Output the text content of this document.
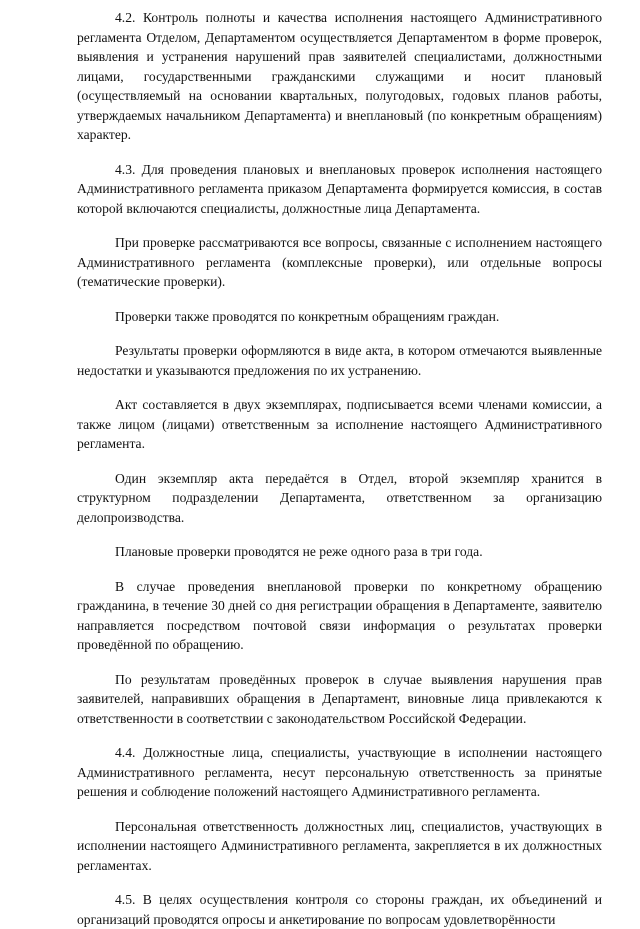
4.2. Контроль полноты и качества исполнения настоящего Административного регламента Отделом, Департаментом осуществляется Департаментом в форме проверок, выявления и устранения нарушений прав заявителей специалистами, должностными лицами, государственными гражданскими служащими и носит плановый (осуществляемый на основании квартальных, полугодовых, годовых планов работы, утверждаемых начальником Департамента) и внеплановый (по конкретным обращениям) характер.

4.3. Для проведения плановых и внеплановых проверок исполнения настоящего Административного регламента приказом Департамента формируется комиссия, в состав которой включаются специалисты, должностные лица Департамента.

При проверке рассматриваются все вопросы, связанные с исполнением настоящего Административного регламента (комплексные проверки), или отдельные вопросы (тематические проверки).

Проверки также проводятся по конкретным обращениям граждан.

Результаты проверки оформляются в виде акта, в котором отмечаются выявленные недостатки и указываются предложения по их устранению.

Акт составляется в двух экземплярах, подписывается всеми членами комиссии, а также лицом (лицами) ответственным за исполнение настоящего Административного регламента.

Один экземпляр акта передаётся в Отдел, второй экземпляр хранится в структурном подразделении Департамента, ответственном за организацию делопроизводства.

Плановые проверки проводятся не реже одного раза в три года.

В случае проведения внеплановой проверки по конкретному обращению гражданина, в течение 30 дней со дня регистрации обращения в Департаменте, заявителю направляется посредством почтовой связи информация о результатах проверки проведённой по обращению.

По результатам проведённых проверок в случае выявления нарушения прав заявителей, направивших обращения в Департамент, виновные лица привлекаются к ответственности в соответствии с законодательством Российской Федерации.

4.4. Должностные лица, специалисты, участвующие в исполнении настоящего Административного регламента, несут персональную ответственность за принятые решения и соблюдение положений настоящего Административного регламента.

Персональная ответственность должностных лиц, специалистов, участвующих в исполнении настоящего Административного регламента, закрепляется в их должностных регламентах.

4.5. В целях осуществления контроля со стороны граждан, их объединений и организаций проводятся опросы и анкетирование по вопросам удовлетворённости
